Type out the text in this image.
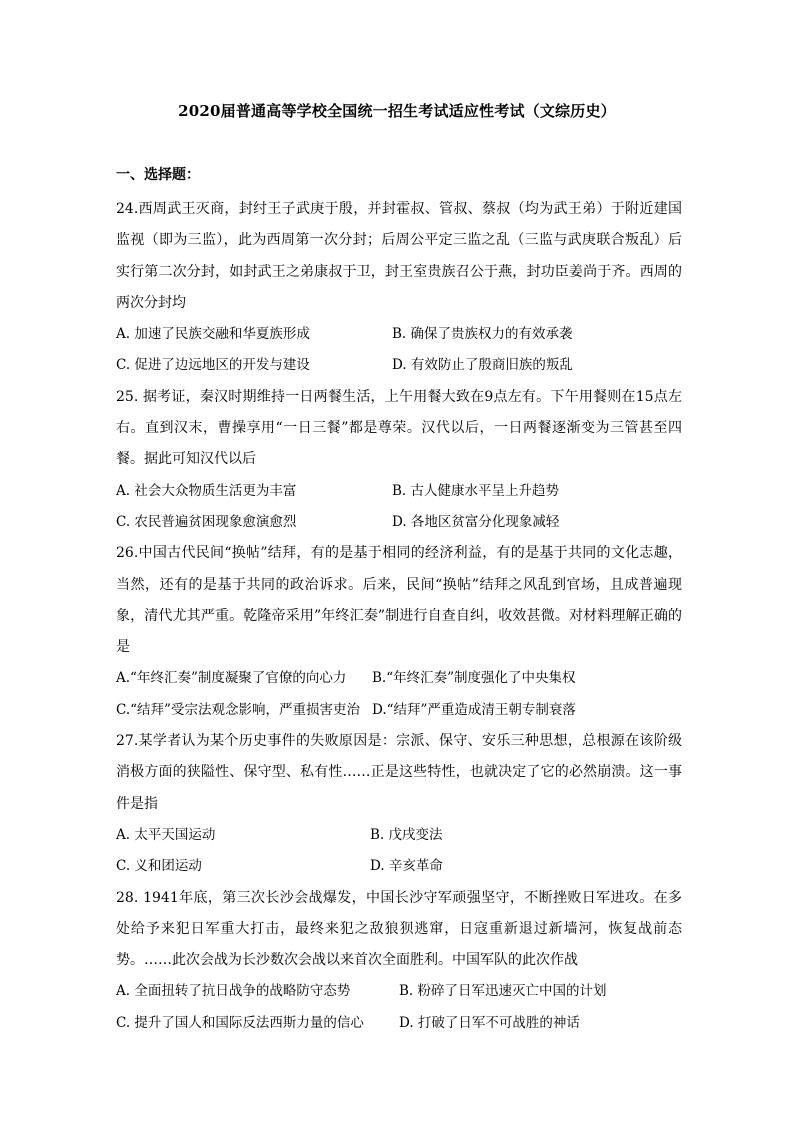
2020届普通高等学校全国统一招生考试适应性考试（文综历史）
一、选择题：
24.西周武王灭商，封纣王子武庚于殷，并封霍叔、管叔、蔡叔（均为武王弟）于附近建国监视（即为三监），此为西周第一次分封；后周公平定三监之乱（三监与武庚联合叛乱）后实行第二次分封，如封武王之弟康叔于卫，封王室贵族召公于燕，封功臣姜尚于齐。西周的两次分封均
A. 加速了民族交融和华夏族形成	B. 确保了贵族权力的有效承袭
C. 促进了边远地区的开发与建设	D. 有效防止了殷商旧族的叛乱
25. 据考证，秦汉时期维持一日两餐生活，上午用餐大致在9点左有。下午用餐则在15点左右。直到汉末，曹操享用“一日三餐”都是尊荣。汉代以后，一日两餐逐渐变为三管甚至四餐。据此可知汉代以后
A. 社会大众物质生活更为丰富	B. 古人健康水平呈上升趋势
C. 农民普遍贫困现象愈演愈烈	D. 各地区贫富分化现象减轻
26.中国古代民间“换帖”结拜，有的是基于相同的经济利益，有的是基于共同的文化志趣，当然，还有的是基于共同的政治诉求。后来，民间“换帖”结拜之风乱到官场，且成普遍现象，清代尤其严重。乾隆帝采用”年终汇奏”制进行自查自纠，收效甚微。对材料理解正确的是
A.“年终汇奏”制度凝聚了官僚的向心力	B.“年终汇奏”制度强化了中央集权
C.“结拜”受宗法观念影响，严重损害吏治 D.“结拜”严重造成清王朝专制衰落
27.某学者认为某个历史事件的失败原因是：宗派、保守、安乐三种思想，总根源在该阶级消极方面的狭隘性、保守型、私有性……正是这些特性，也就决定了它的必然崩溃。这一事件是指
A. 太平天国运动	B. 戊戌变法
C. 义和团运动	D. 辛亥革命
28. 1941年底，第三次长沙会战爆发，中国长沙守军顽强坚守，不断挫败日军进攻。在多处给予来犯日军重大打击，最终来犯之敌狼狈逃窜，日寇重新退过新墙河，恢复战前态势。……此次会战为长沙数次会战以来首次全面胜利。中国军队的此次作战
A. 全面扭转了抗日战争的战略防守态势	B. 粉碎了日军迅速灭亡中国的计划
C. 提升了国人和国际反法西斯力量的信心	D. 打破了日军不可战胜的神话
